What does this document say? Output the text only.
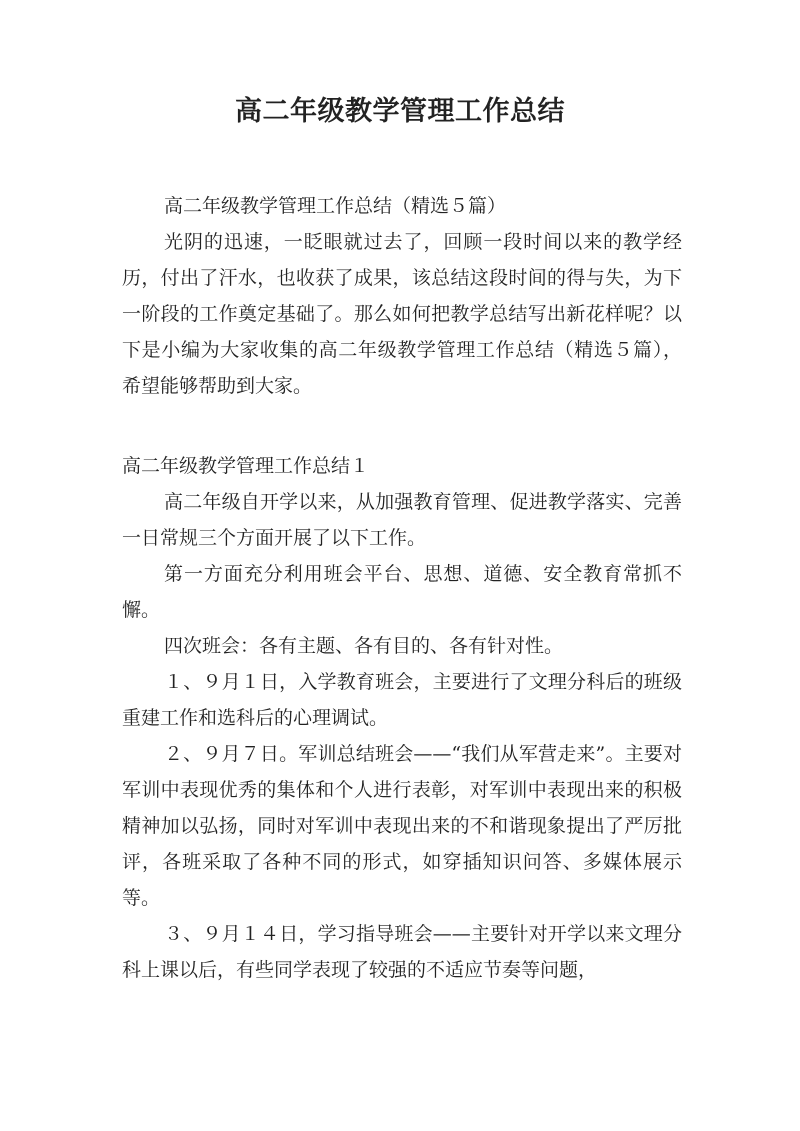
高二年级教学管理工作总结

高二年级教学管理工作总结（精选５篇）

光阴的迅速，一眨眼就过去了，回顾一段时间以来的教学经历，付出了汗水，也收获了成果，该总结这段时间的得与失，为下一阶段的工作奠定基础了。那么如何把教学总结写出新花样呢？以下是小编为大家收集的高二年级教学管理工作总结（精选５篇），希望能够帮助到大家。

高二年级教学管理工作总结１

高二年级自开学以来，从加强教育管理、促进教学落实、完善一日常规三个方面开展了以下工作。

第一方面充分利用班会平台、思想、道德、安全教育常抓不懈。

四次班会：各有主题、各有目的、各有针对性。

１、９月１日，入学教育班会，主要进行了文理分科后的班级重建工作和选科后的心理调试。

２、９月７日。军训总结班会——“我们从军营走来”。主要对军训中表现优秀的集体和个人进行表彰，对军训中表现出来的积极精神加以弘扬，同时对军训中表现出来的不和谐现象提出了严厉批评，各班采取了各种不同的形式，如穿插知识问答、多媒体展示等。

３、９月１４日，学习指导班会——主要针对开学以来文理分科上课以后，有些同学表现了较强的不适应节奏等问题，
